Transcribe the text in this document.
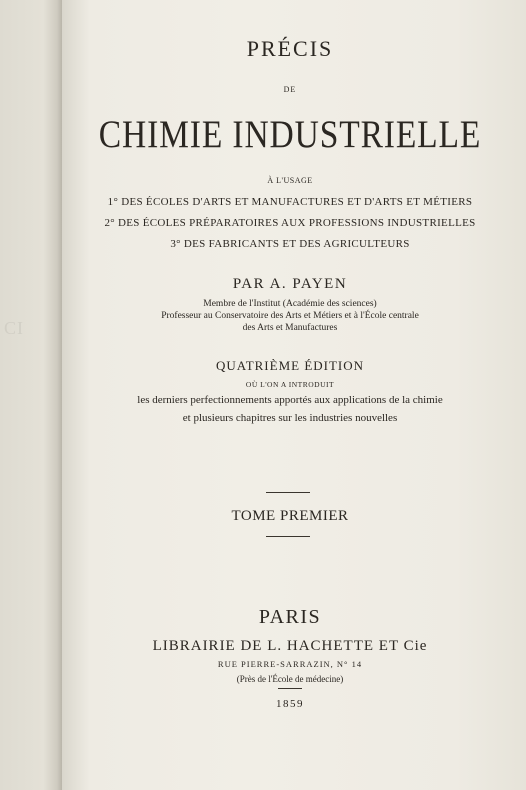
CI
PRÉCIS
DE
CHIMIE INDUSTRIELLE
À L'USAGE
1° DES ÉCOLES D'ARTS ET MANUFACTURES ET D'ARTS ET MÉTIERS
2° DES ÉCOLES PRÉPARATOIRES AUX PROFESSIONS INDUSTRIELLES
3° DES FABRICANTS ET DES AGRICULTEURS
PAR A. PAYEN
Membre de l'Institut (Académie des sciences)
Professeur au Conservatoire des Arts et Métiers et à l'École centrale
des Arts et Manufactures
QUATRIÈME ÉDITION
OÙ L'ON A INTRODUIT
les derniers perfectionnements apportés aux applications de la chimie
et plusieurs chapitres sur les industries nouvelles
TOME PREMIER
PARIS
LIBRAIRIE DE L. HACHETTE ET Cie
RUE PIERRE-SARRAZIN, N° 14
(Près de l'École de médecine)
1859
